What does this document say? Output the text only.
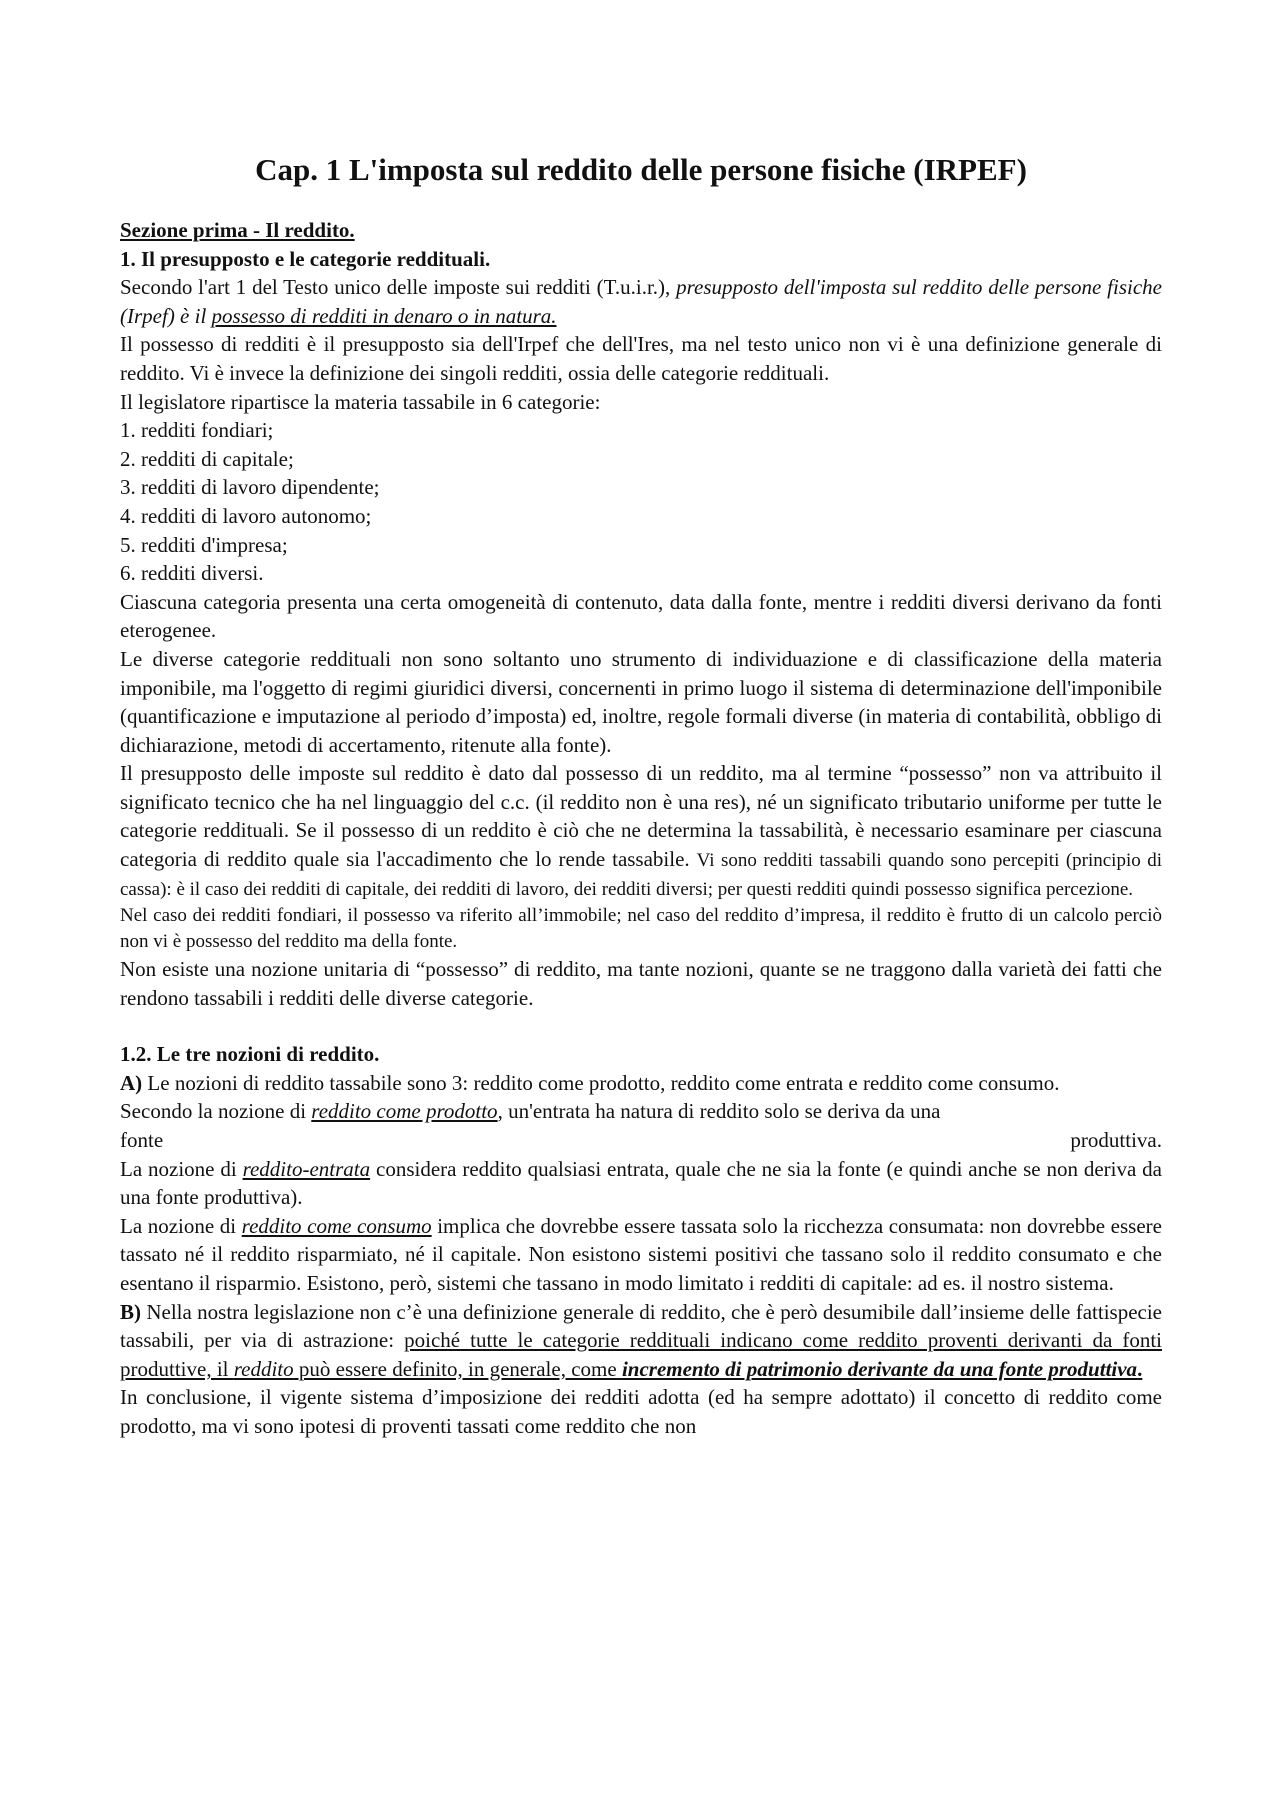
Cap. 1 L'imposta sul reddito delle persone fisiche (IRPEF)

Sezione prima - Il reddito.

1. Il presupposto e le categorie reddituali.

Secondo l'art 1 del Testo unico delle imposte sui redditi (T.u.i.r.), presupposto dell'imposta sul reddito delle persone fisiche (Irpef) è il possesso di redditi in denaro o in natura.

Il possesso di redditi è il presupposto sia dell'Irpef che dell'Ires, ma nel testo unico non vi è una definizione generale di reddito. Vi è invece la definizione dei singoli redditi, ossia delle categorie reddituali.

Il legislatore ripartisce la materia tassabile in 6 categorie:

1. redditi fondiari;

2. redditi di capitale;

3. redditi di lavoro dipendente;

4. redditi di lavoro autonomo;

5. redditi d'impresa;

6. redditi diversi.

Ciascuna categoria presenta una certa omogeneità di contenuto, data dalla fonte, mentre i redditi diversi derivano da fonti eterogenee.

Le diverse categorie reddituali non sono soltanto uno strumento di individuazione e di classificazione della materia imponibile, ma l'oggetto di regimi giuridici diversi, concernenti in primo luogo il sistema di determinazione dell'imponibile (quantificazione e imputazione al periodo d’imposta) ed, inoltre, regole formali diverse (in materia di contabilità, obbligo di dichiarazione, metodi di accertamento, ritenute alla fonte).

Il presupposto delle imposte sul reddito è dato dal possesso di un reddito, ma al termine “possesso” non va attribuito il significato tecnico che ha nel linguaggio del c.c. (il reddito non è una res), né un significato tributario uniforme per tutte le categorie reddituali. Se il possesso di un reddito è ciò che ne determina la tassabilità, è necessario esaminare per ciascuna categoria di reddito quale sia l'accadimento che lo rende tassabile. Vi sono redditi tassabili quando sono percepiti (principio di cassa): è il caso dei redditi di capitale, dei redditi di lavoro, dei redditi diversi; per questi redditi quindi possesso significa percezione.

Nel caso dei redditi fondiari, il possesso va riferito all’immobile; nel caso del reddito d’impresa, il reddito è frutto di un calcolo perciò non vi è possesso del reddito ma della fonte.

Non esiste una nozione unitaria di “possesso” di reddito, ma tante nozioni, quante se ne traggono dalla varietà dei fatti che rendono tassabili i redditi delle diverse categorie.

1.2. Le tre nozioni di reddito.

A) Le nozioni di reddito tassabile sono 3: reddito come prodotto, reddito come entrata e reddito come consumo.

Secondo la nozione di reddito come prodotto, un'entrata ha natura di reddito solo se deriva da una

fonte	produttiva.

La nozione di reddito-entrata considera reddito qualsiasi entrata, quale che ne sia la fonte (e quindi anche se non deriva da una fonte produttiva).

La nozione di reddito come consumo implica che dovrebbe essere tassata solo la ricchezza consumata: non dovrebbe essere tassato né il reddito risparmiato, né il capitale. Non esistono sistemi positivi che tassano solo il reddito consumato e che esentano il risparmio. Esistono, però, sistemi che tassano in modo limitato i redditi di capitale: ad es. il nostro sistema.

B) Nella nostra legislazione non c’è una definizione generale di reddito, che è però desumibile dall’insieme delle fattispecie tassabili, per via di astrazione: poiché tutte le categorie reddituali indicano come reddito proventi derivanti da fonti produttive, il reddito può essere definito, in generale, come incremento di patrimonio derivante da una fonte produttiva.

In conclusione, il vigente sistema d’imposizione dei redditi adotta (ed ha sempre adottato) il concetto di reddito come prodotto, ma vi sono ipotesi di proventi tassati come reddito che non
